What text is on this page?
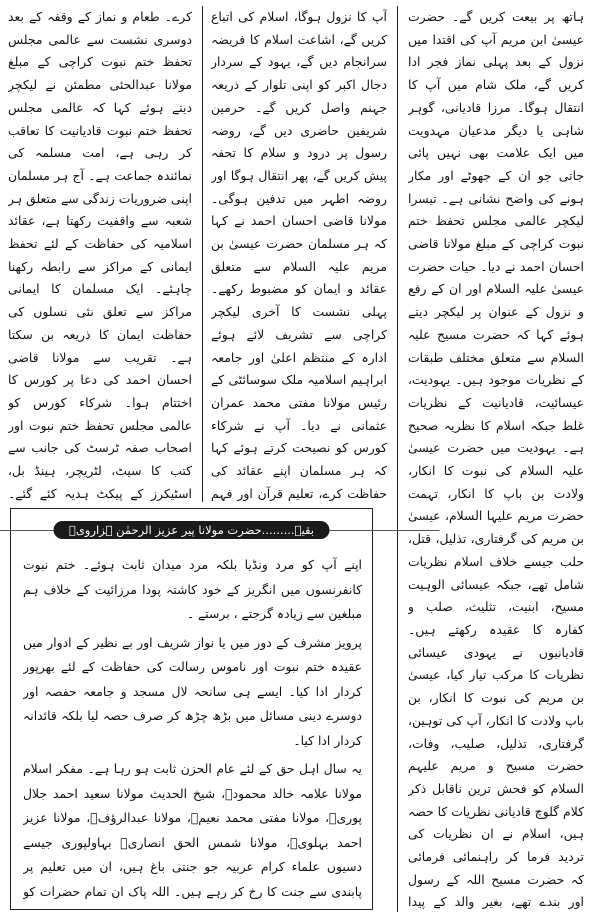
ہاتھ پر بیعت کریں گے۔ حضرت عیسیٰ ابن مریم آپ کی اقتدا میں نزول کے بعد پہلی نماز فجر ادا کریں گے، ملک شام میں آپ کا انتقال ہوگا۔ مرزا قادیانی، گوہر شاہی یا دیگر مدعیان مہدویت میں ایک علامت بھی نہیں پائی جاتی جو ان کے جھوٹے اور مکار ہونے کی واضح نشانی ہے۔ تیسرا لیکچر عالمی مجلس تحفظ ختم نبوت کراچی کے مبلغ مولانا قاضی احسان احمد نے دیا۔ حیات حضرت عیسیٰ علیہ السلام اور ان کے رفع و نزول کے عنوان پر لیکچر دیتے ہوئے کہا کہ حضرت مسیح علیہ السلام سے متعلق مختلف طبقات کے نظریات موجود ہیں۔ یہودیت، عیسائیت، قادیانیت کے نظریات غلط جبکہ اسلام کا نظریہ صحیح ہے۔ یہودیت میں حضرت عیسیٰ علیہ السلام کی نبوت کا انکار، ولادت بن باپ کا انکار، تہمت حضرت مریم علیہا السلام، عیسیٰ بن مریم کی گرفتاری، تذلیل، قتل، حلب جیسے خلاف اسلام نظریات شامل تھے، جبکہ عیسائی الوہیت مسیح، ابنیت، تثلیث، صلب و کفارہ کا عقیدہ رکھتے ہیں۔ قادیانیوں نے یہودی عیسائی نظریات کا مرکب تیار کیا، عیسیٰ بن مریم کی نبوت کا انکار، بن باپ ولادت کا انکار، آپ کی توہین، گرفتاری، تذلیل، صلیب، وفات، حضرت مسیح و مریم علیہم السلام کو فحش ترین ناقابل ذکر کلام گلوچ قادیانی نظریات کا حصہ ہیں، اسلام نے ان نظریات کی تردید فرما کر راہنمائی فرمائی کہ حضرت مسیح اللہ کے رسول اور بندے تھے، بغیر والد کے پیدا

آپ کا نزول ہوگا، اسلام کی اتباع کریں گے، اشاعت اسلام کا فریضہ سرانجام دیں گے، یہود کے سردار دجال اکبر کو اپنی تلوار کے ذریعہ جہنم واصل کریں گے۔ حرمین شریفین حاضری دیں گے، روضہ رسول پر درود و سلام کا تحفہ پیش کریں گے، پھر انتقال ہوگا اور روضہ اطہر میں تدفین ہوگی۔ مولانا قاضی احسان احمد نے کہا کہ ہر مسلمان حضرت عیسیٰ بن مریم علیہ السلام سے متعلق عقائد و ایمان کو مضبوط رکھے۔ پہلی نشست کا آخری لیکچر کراچی سے تشریف لائے ہوئے ادارہ کے منتظم اعلیٰ اور جامعہ ابراہیم اسلامیہ ملک سوسائٹی کے رئیس مولانا مفتی محمد عمران عثمانی نے دیا۔ آپ نے شرکاء کورس کو نصیحت کرتے ہوئے کہا کہ ہر مسلمان اپنے عقائد کی حفاظت کرے، تعلیم قرآن اور فہم

کرے۔ طعام و نماز کے وقفہ کے بعد دوسری نشست سے عالمی مجلس تحفظ ختم نبوت کراچی کے مبلغ مولانا عبدالحئی مطمئن نے لیکچر دیتے ہوئے کہا کہ عالمی مجلس تحفظ ختم نبوت قادیانیت کا تعاقب کر رہی ہے، امت مسلمہ کی نمائندہ جماعت ہے۔ آج ہر مسلمان اپنی ضروریات زندگی سے متعلق ہر شعبہ سے واقفیت رکھتا ہے، عقائد اسلامیہ کی حفاظت کے لئے تحفظ ایمانی کے مراکز سے رابطہ رکھنا چاہئے۔ ایک مسلمان کا ایمانی مراکز سے تعلق نئی نسلوں کی حفاظت ایمان کا ذریعہ بن سکتا ہے۔ تقریب سے مولانا قاضی احسان احمد کی دعا پر کورس کا اختتام ہوا۔ شرکاء کورس کو عالمی مجلس تحفظ ختم نبوت اور اصحاب صفہ ٹرسٹ کی جانب سے کتب کا سیٹ، لٹریچر، ہینڈ بل، اسٹیکرز کے پیکٹ ہدیہ کئے گئے۔

بقیہ.........حضرت مولانا پیر عزیز الرحمٰن ہزارویؒ

اپنے آپ کو مرد ونڈیا بلکہ مرد میدان ثابت ہوئے۔ ختم نبوت کانفرنسوں میں انگریز کے خود کاشتہ پودا مرزائیت کے خلاف ہم مبلغین سے زیادہ گرجتے ، برستے ۔

پرویز مشرف کے دور میں یا نواز شریف اور بے نظیر کے ادوار میں عقیدہ ختم نبوت اور ناموس رسالت کی حفاظت کے لئے بھرپور کردار ادا کیا۔ ایسے ہی سانحہ لال مسجد و جامعہ حفصہ اور دوسرے دینی مسائل میں بڑھ چڑھ کر صرف حصہ لیا بلکہ قائدانہ کردار ادا کیا۔

یہ سال اہل حق کے لئے عام الحزن ثابت ہو رہا ہے۔ مفکر اسلام مولانا علامہ خالد محمودؒ، شیخ الحدیث مولانا سعید احمد جلال پوریؒ، مولانا مفتی محمد نعیمؒ، مولانا عبدالرؤفؒ، مولانا عزیز احمد بہلویؒ، مولانا شمس الحق انصاریؒ بہاولپوری جیسے دسیوں علماء کرام عربیہ جو جنتی باغ ہیں، ان میں تعلیم پر پابندی سے جنت کا رخ کر رہے ہیں۔ اللہ پاک ان تمام حضرات کو
